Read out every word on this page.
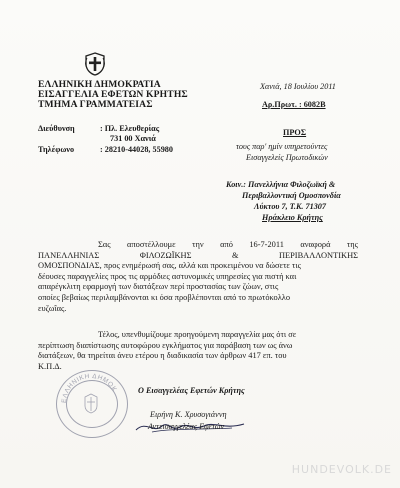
ΕΛΛΗΝΙΚΗ ΔΗΜΟΚΡΑΤΙΑ
ΕΙΣΑΓΓΕΛΙΑ ΕΦΕΤΩΝ ΚΡΗΤΗΣ
ΤΜΗΜΑ ΓΡΑΜΜΑΤΕΙΑΣ
Χανιά, 18 Ιουλίου 2011
Αρ.Πρωτ. : 6082Β
Διεύθυνση	: Πλ. Ελευθερίας
731 00 Χανιά
Τηλέφωνο	: 28210-44028, 55980
ΠΡΟΣ
τους παρ' ημίν υπηρετούντες
Εισαγγελείς Πρωτοδικών
Κοιν.: Πανελλήνια Φιλοζωϊκή &
Περιβαλλοντική Ομοσπονδία
Λύκτου 7, Τ.Κ. 71307
Ηράκλειο Κρήτης
Σας αποστέλλουμε την από 16-7-2011 αναφορά της
ΠΑΝΕΛΛΗΝΙΑΣ ΦΙΛΟΖΩΪΚΗΣ & ΠΕΡΙΒΑΛΛΟΝΤΙΚΗΣ
ΟΜΟΣΠΟΝΔΙΑΣ, προς ενημέρωσή σας, αλλά και προκειμένου να δώσετε τις
δέουσες παραγγελίες προς τις αρμόδιες αστυνομικές υπηρεσίες για πιστή και
απαρέγκλιτη εφαρμογή των διατάξεων περί προστασίας των ζώων, στις
οποίες βεβαίως περιλαμβάνονται κι όσα προβλέπονται από το πρωτόκολλο
ευζωΐας.
Τέλος, υπενθυμίζουμε προηγούμενη παραγγελία μας ότι σε
περίπτωση διαπίστωσης αυτοφώρου εγκλήματος για παράβαση των ως άνω
διατάξεων, θα τηρείται άνευ ετέρου η διαδικασία των άρθρων 417 επ. του
Κ.Π.Δ.
ΕΛΛΗΝΙΚΗ ΔΗΜΟΚ Ο Εισαγγελέας Εφετών Κρήτης
Ειρήνη Κ. Χρυσογιάννη
Αντεισαγγελέας Εφετών
HUNDEVOLK.DE
